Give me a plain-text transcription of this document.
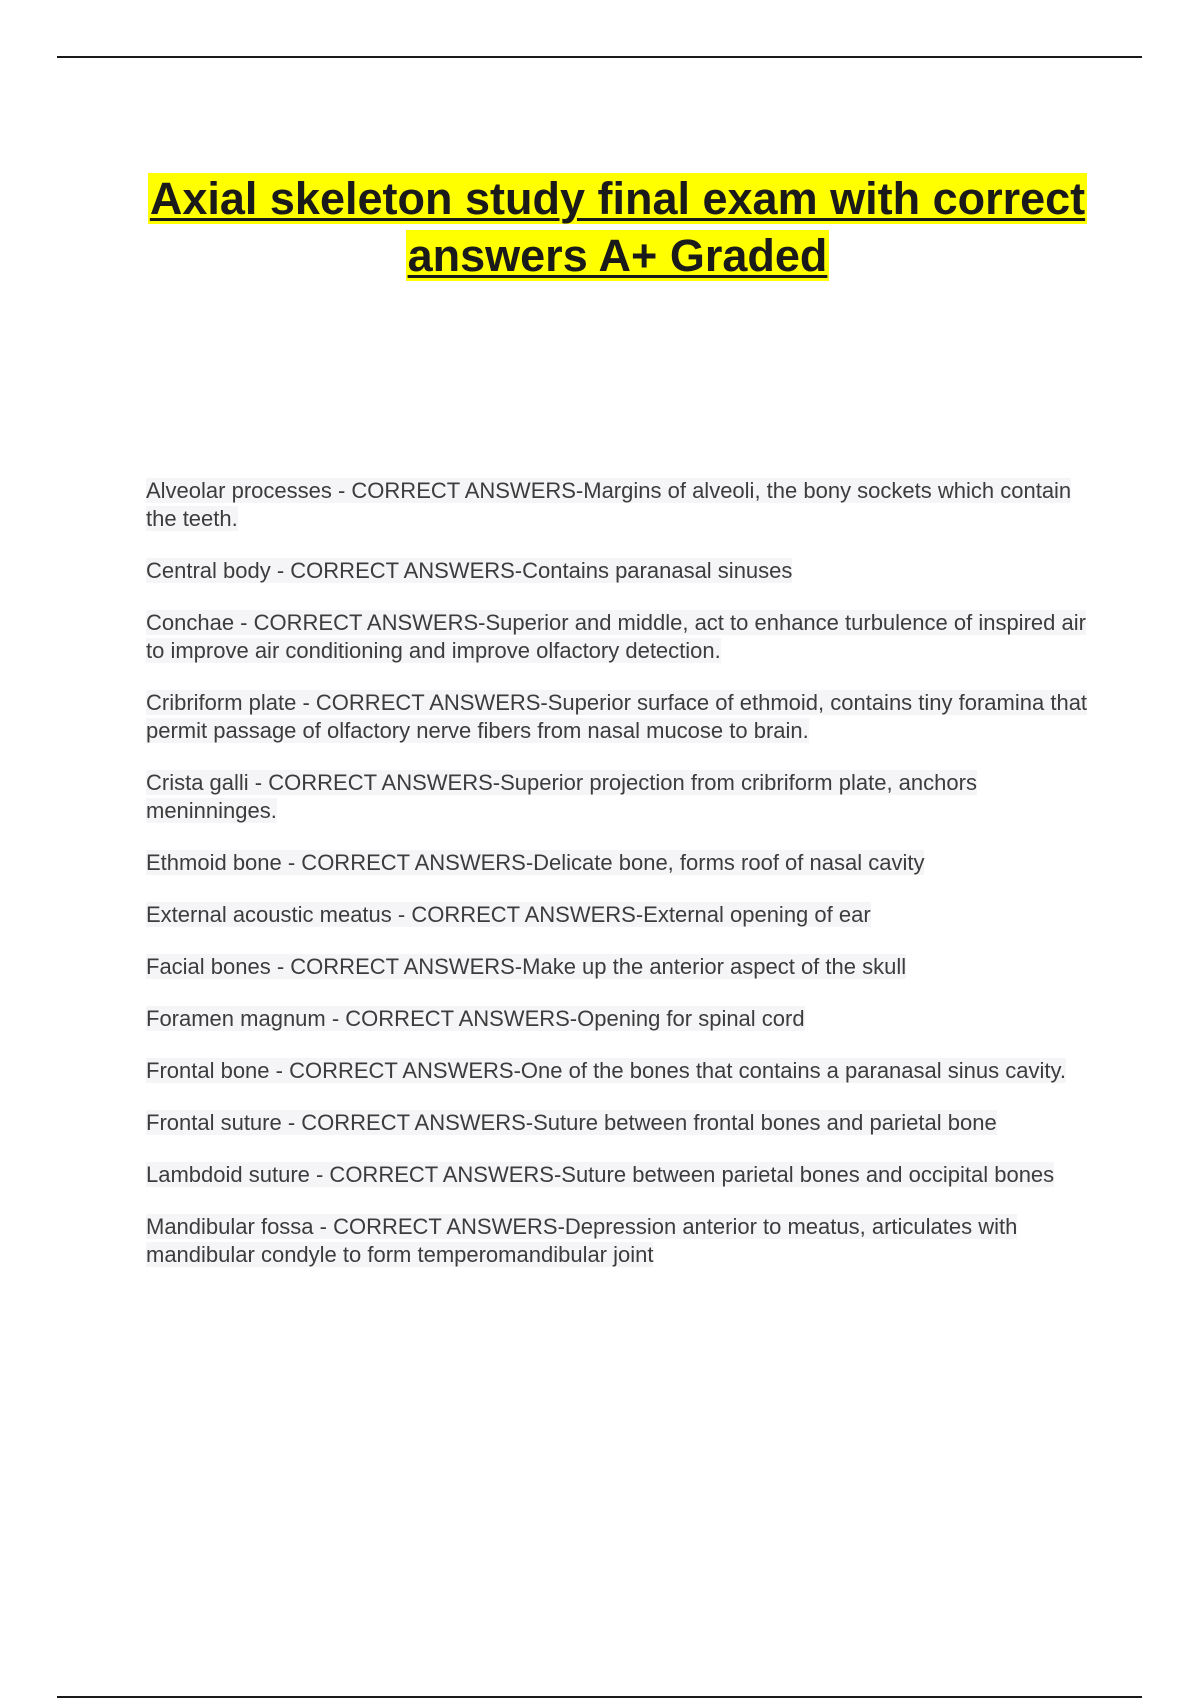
Axial skeleton study final exam with correct answers A+ Graded

Alveolar processes - CORRECT ANSWERS-Margins of alveoli, the bony sockets which contain the teeth.

Central body - CORRECT ANSWERS-Contains paranasal sinuses

Conchae - CORRECT ANSWERS-Superior and middle, act to enhance turbulence of inspired air to improve air conditioning and improve olfactory detection.

Cribriform plate - CORRECT ANSWERS-Superior surface of ethmoid, contains tiny foramina that permit passage of olfactory nerve fibers from nasal mucose to brain.

Crista galli - CORRECT ANSWERS-Superior projection from cribriform plate, anchors meninninges.

Ethmoid bone - CORRECT ANSWERS-Delicate bone, forms roof of nasal cavity

External acoustic meatus - CORRECT ANSWERS-External opening of ear

Facial bones - CORRECT ANSWERS-Make up the anterior aspect of the skull

Foramen magnum - CORRECT ANSWERS-Opening for spinal cord

Frontal bone - CORRECT ANSWERS-One of the bones that contains a paranasal sinus cavity.

Frontal suture - CORRECT ANSWERS-Suture between frontal bones and parietal bone

Lambdoid suture - CORRECT ANSWERS-Suture between parietal bones and occipital bones

Mandibular fossa - CORRECT ANSWERS-Depression anterior to meatus, articulates with mandibular condyle to form temperomandibular joint
